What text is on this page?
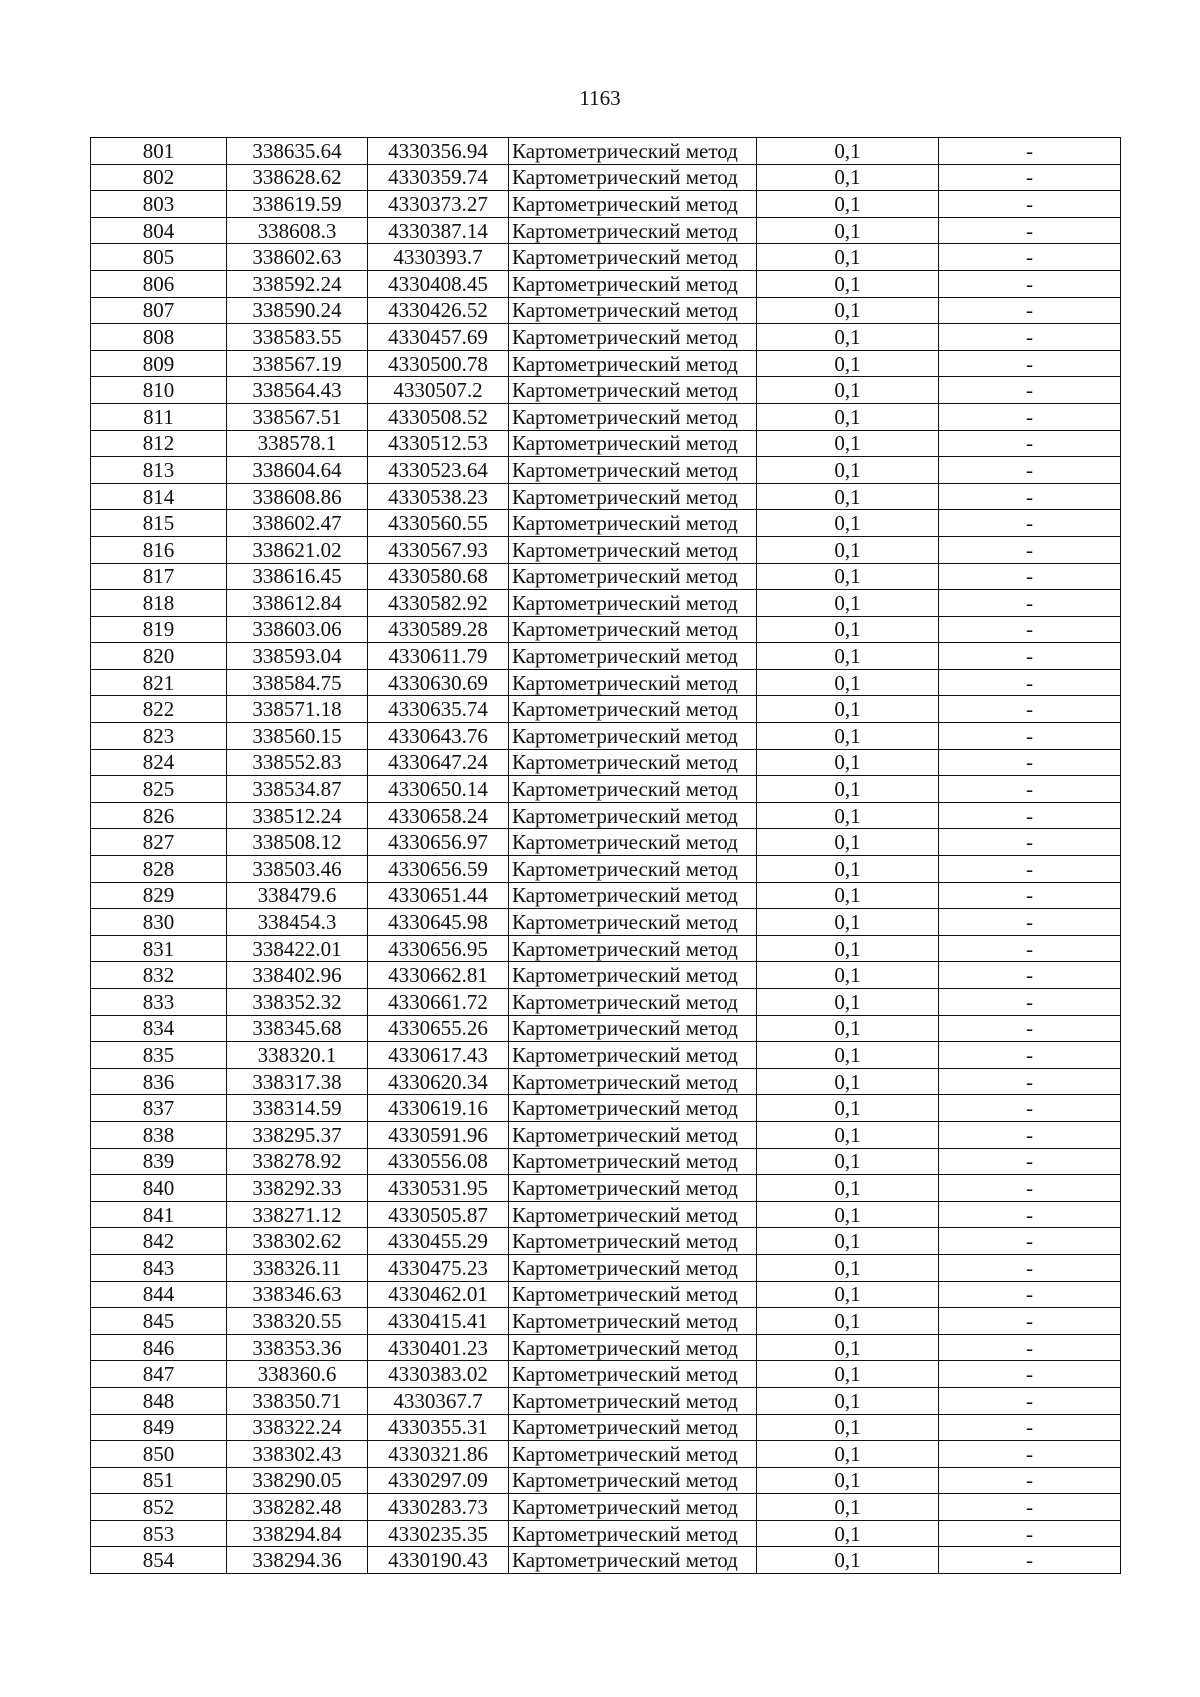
1163
801	338635.64	4330356.94	Картометрический метод	0,1	-
802	338628.62	4330359.74	Картометрический метод	0,1	-
803	338619.59	4330373.27	Картометрический метод	0,1	-
804	338608.3	4330387.14	Картометрический метод	0,1	-
805	338602.63	4330393.7	Картометрический метод	0,1	-
806	338592.24	4330408.45	Картометрический метод	0,1	-
807	338590.24	4330426.52	Картометрический метод	0,1	-
808	338583.55	4330457.69	Картометрический метод	0,1	-
809	338567.19	4330500.78	Картометрический метод	0,1	-
810	338564.43	4330507.2	Картометрический метод	0,1	-
811	338567.51	4330508.52	Картометрический метод	0,1	-
812	338578.1	4330512.53	Картометрический метод	0,1	-
813	338604.64	4330523.64	Картометрический метод	0,1	-
814	338608.86	4330538.23	Картометрический метод	0,1	-
815	338602.47	4330560.55	Картометрический метод	0,1	-
816	338621.02	4330567.93	Картометрический метод	0,1	-
817	338616.45	4330580.68	Картометрический метод	0,1	-
818	338612.84	4330582.92	Картометрический метод	0,1	-
819	338603.06	4330589.28	Картометрический метод	0,1	-
820	338593.04	4330611.79	Картометрический метод	0,1	-
821	338584.75	4330630.69	Картометрический метод	0,1	-
822	338571.18	4330635.74	Картометрический метод	0,1	-
823	338560.15	4330643.76	Картометрический метод	0,1	-
824	338552.83	4330647.24	Картометрический метод	0,1	-
825	338534.87	4330650.14	Картометрический метод	0,1	-
826	338512.24	4330658.24	Картометрический метод	0,1	-
827	338508.12	4330656.97	Картометрический метод	0,1	-
828	338503.46	4330656.59	Картометрический метод	0,1	-
829	338479.6	4330651.44	Картометрический метод	0,1	-
830	338454.3	4330645.98	Картометрический метод	0,1	-
831	338422.01	4330656.95	Картометрический метод	0,1	-
832	338402.96	4330662.81	Картометрический метод	0,1	-
833	338352.32	4330661.72	Картометрический метод	0,1	-
834	338345.68	4330655.26	Картометрический метод	0,1	-
835	338320.1	4330617.43	Картометрический метод	0,1	-
836	338317.38	4330620.34	Картометрический метод	0,1	-
837	338314.59	4330619.16	Картометрический метод	0,1	-
838	338295.37	4330591.96	Картометрический метод	0,1	-
839	338278.92	4330556.08	Картометрический метод	0,1	-
840	338292.33	4330531.95	Картометрический метод	0,1	-
841	338271.12	4330505.87	Картометрический метод	0,1	-
842	338302.62	4330455.29	Картометрический метод	0,1	-
843	338326.11	4330475.23	Картометрический метод	0,1	-
844	338346.63	4330462.01	Картометрический метод	0,1	-
845	338320.55	4330415.41	Картометрический метод	0,1	-
846	338353.36	4330401.23	Картометрический метод	0,1	-
847	338360.6	4330383.02	Картометрический метод	0,1	-
848	338350.71	4330367.7	Картометрический метод	0,1	-
849	338322.24	4330355.31	Картометрический метод	0,1	-
850	338302.43	4330321.86	Картометрический метод	0,1	-
851	338290.05	4330297.09	Картометрический метод	0,1	-
852	338282.48	4330283.73	Картометрический метод	0,1	-
853	338294.84	4330235.35	Картометрический метод	0,1	-
854	338294.36	4330190.43	Картометрический метод	0,1	-
